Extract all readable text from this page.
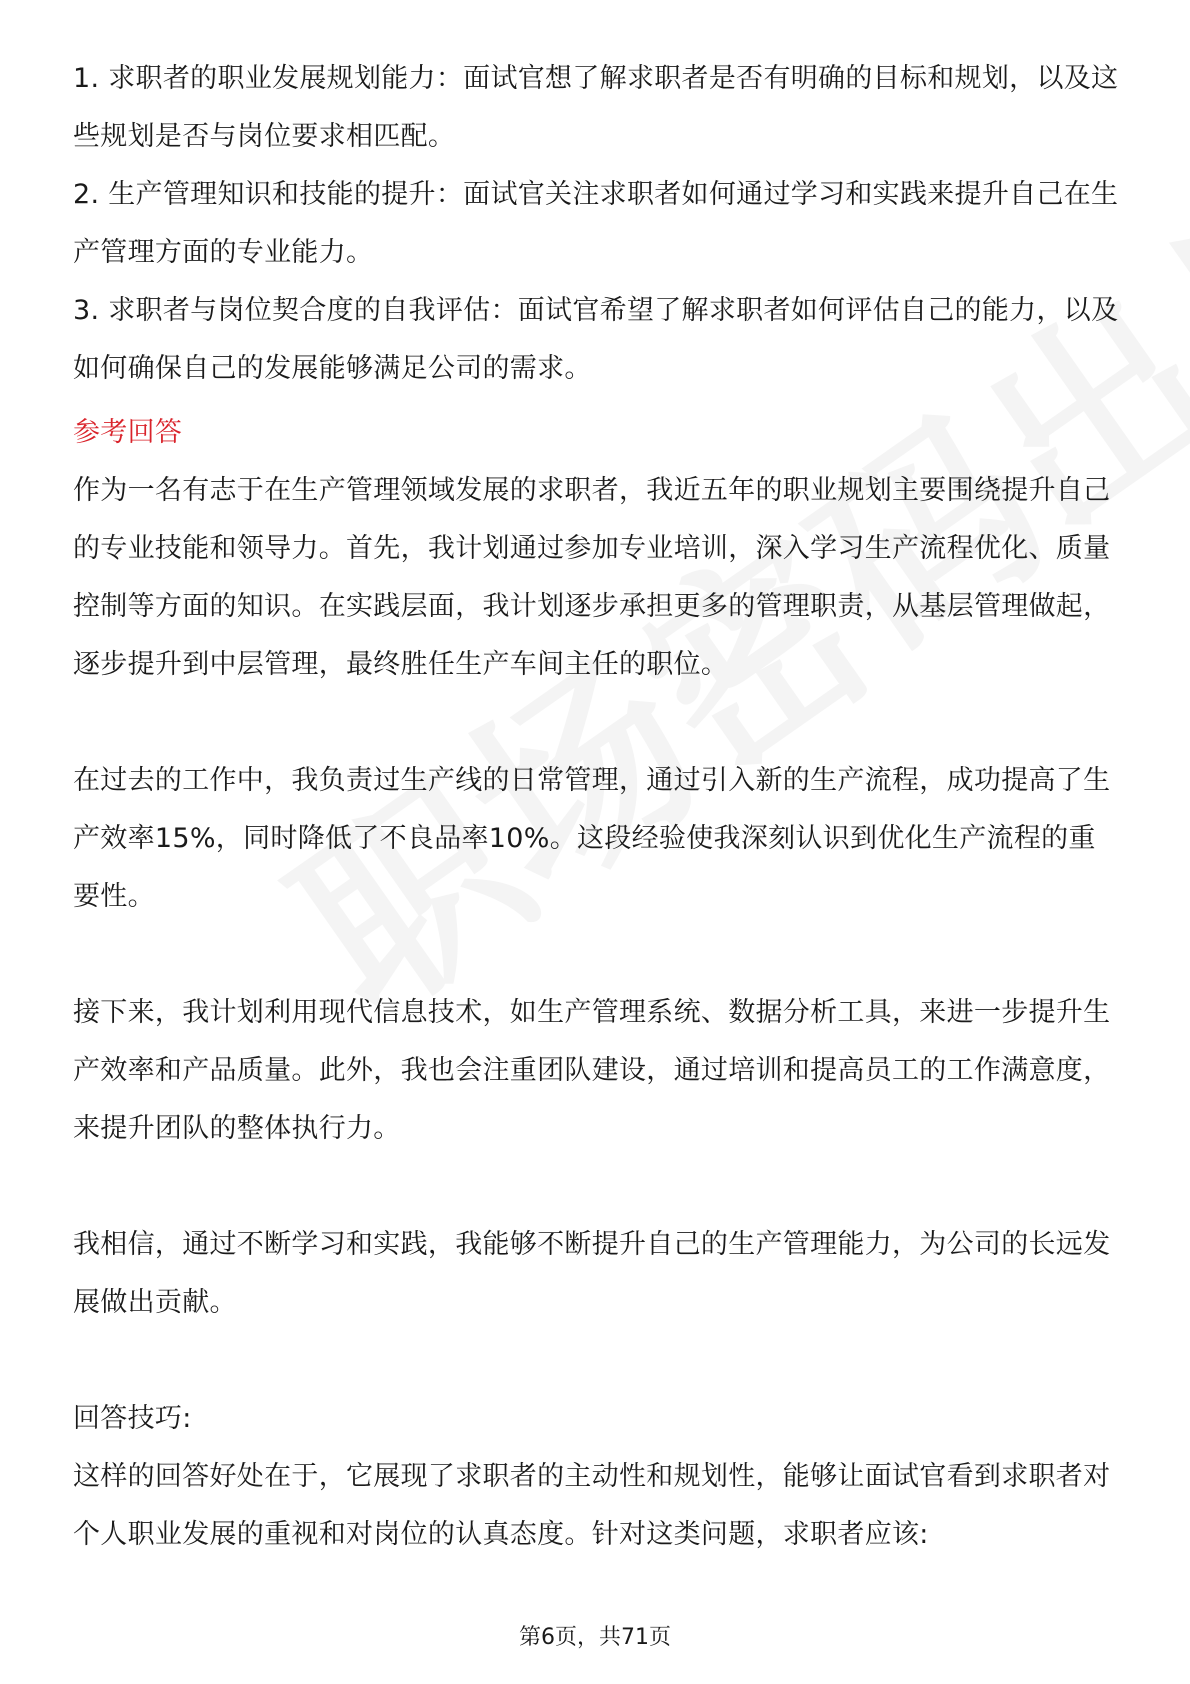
1. 求职者的职业发展规划能力：面试官想了解求职者是否有明确的目标和规划，以及这些规划是否与岗位要求相匹配。

2. 生产管理知识和技能的提升：面试官关注求职者如何通过学习和实践来提升自己在生产管理方面的专业能力。

3. 求职者与岗位契合度的自我评估：面试官希望了解求职者如何评估自己的能力，以及如何确保自己的发展能够满足公司的需求。

参考回答

作为一名有志于在生产管理领域发展的求职者，我近五年的职业规划主要围绕提升自己的专业技能和领导力。首先，我计划通过参加专业培训，深入学习生产流程优化、质量控制等方面的知识。在实践层面，我计划逐步承担更多的管理职责，从基层管理做起，逐步提升到中层管理，最终胜任生产车间主任的职位。

在过去的工作中，我负责过生产线的日常管理，通过引入新的生产流程，成功提高了生产效率15%，同时降低了不良品率10%。这段经验使我深刻认识到优化生产流程的重要性。

接下来，我计划利用现代信息技术，如生产管理系统、数据分析工具，来进一步提升生产效率和产品质量。此外，我也会注重团队建设，通过培训和提高员工的工作满意度，来提升团队的整体执行力。

我相信，通过不断学习和实践，我能够不断提升自己的生产管理能力，为公司的长远发展做出贡献。

回答技巧:

这样的回答好处在于，它展现了求职者的主动性和规划性，能够让面试官看到求职者对个人职业发展的重视和对岗位的认真态度。针对这类问题，求职者应该:

第6页，共71页
